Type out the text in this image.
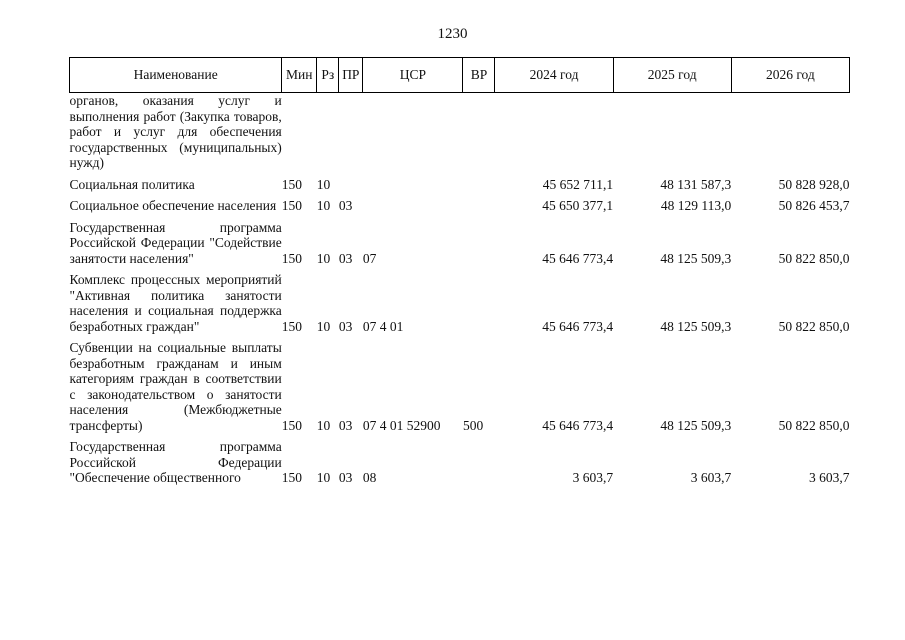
1230
Наименование	Мин	Рз	ПР	ЦСР	ВР	2024 год	2025 год	2026 год
органов, оказания услуг и выполнения работ (Закупка товаров, работ и услуг для обеспечения государственных (муниципальных) нужд)								

Социальная политика	150	10				45 652 711,1	48 131 587,3	50 828 928,0

Социальное обеспечение населения	150	10	03			45 650 377,1	48 129 113,0	50 826 453,7

Государственная программа Российской Федерации "Содействие занятости населения"	150	10	03	07		45 646 773,4	48 125 509,3	50 822 850,0

Комплекс процессных мероприятий "Активная политика занятости населения и социальная поддержка безработных граждан"	150	10	03	07 4 01		45 646 773,4	48 125 509,3	50 822 850,0

Субвенции на социальные выплаты безработным гражданам и иным категориям граждан в соответствии с законодательством о занятости населения (Межбюджетные трансферты)	150	10	03	07 4 01 52900	500	45 646 773,4	48 125 509,3	50 822 850,0

Государственная программа Российской Федерации "Обеспечение общественного	150	10	03	08		3 603,7	3 603,7	3 603,7
